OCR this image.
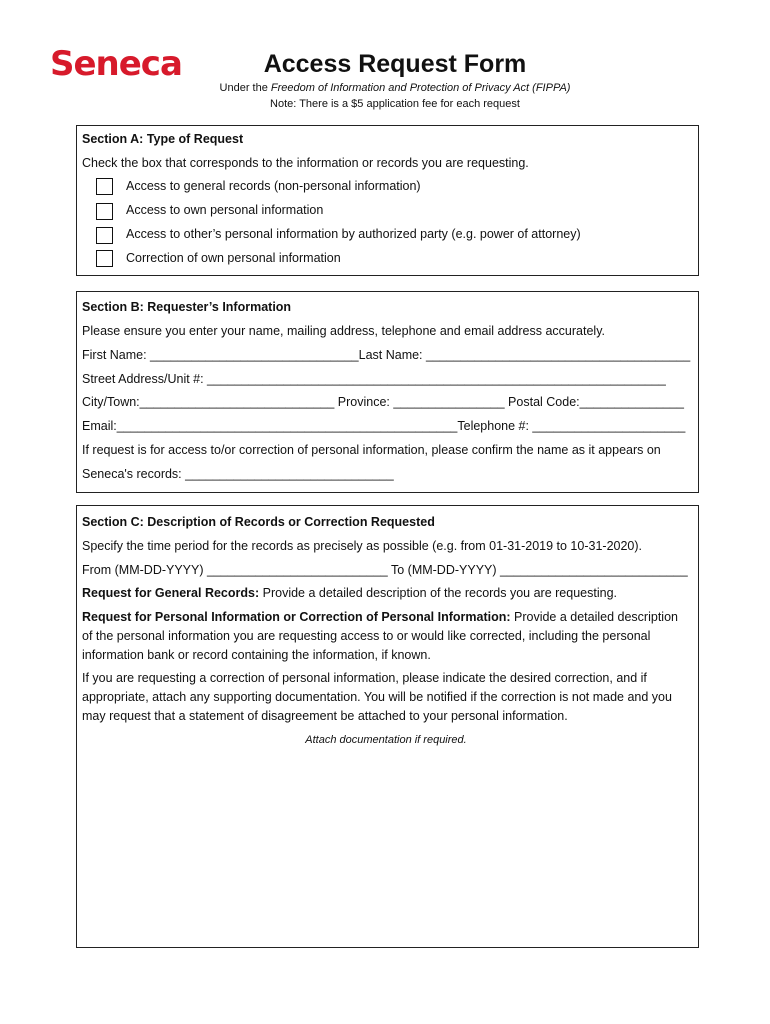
Seneca	Access Request Form
Under the Freedom of Information and Protection of Privacy Act (FIPPA)
Note: There is a $5 application fee for each request
Section A: Type of Request
Check the box that corresponds to the information or records you are requesting.
Access to general records (non-personal information)
Access to own personal information
Access to other’s personal information by authorized party (e.g. power of attorney)
Correction of own personal information
Section B: Requester’s Information
Please ensure you enter your name, mailing address, telephone and email address accurately.
First Name: ______________________________Last Name: ______________________________________
Street Address/Unit #: __________________________________________________________________
City/Town:____________________________ Province: ________________ Postal Code:_______________
Email:_________________________________________________Telephone #: ______________________
If request is for access to/or correction of personal information, please confirm the name as it appears on
Seneca's records: ______________________________
Section C: Description of Records or Correction Requested
Specify the time period for the records as precisely as possible (e.g. from 01-31-2019 to 10-31-2020).
From (MM-DD-YYYY) __________________________ To (MM-DD-YYYY) ___________________________
Request for General Records: Provide a detailed description of the records you are requesting.
Request for Personal Information or Correction of Personal Information: Provide a detailed description of the personal information you are requesting access to or would like corrected, including the personal information bank or record containing the information, if known.
If you are requesting a correction of personal information, please indicate the desired correction, and if appropriate, attach any supporting documentation. You will be notified if the correction is not made and you may request that a statement of disagreement be attached to your personal information.
Attach documentation if required.
